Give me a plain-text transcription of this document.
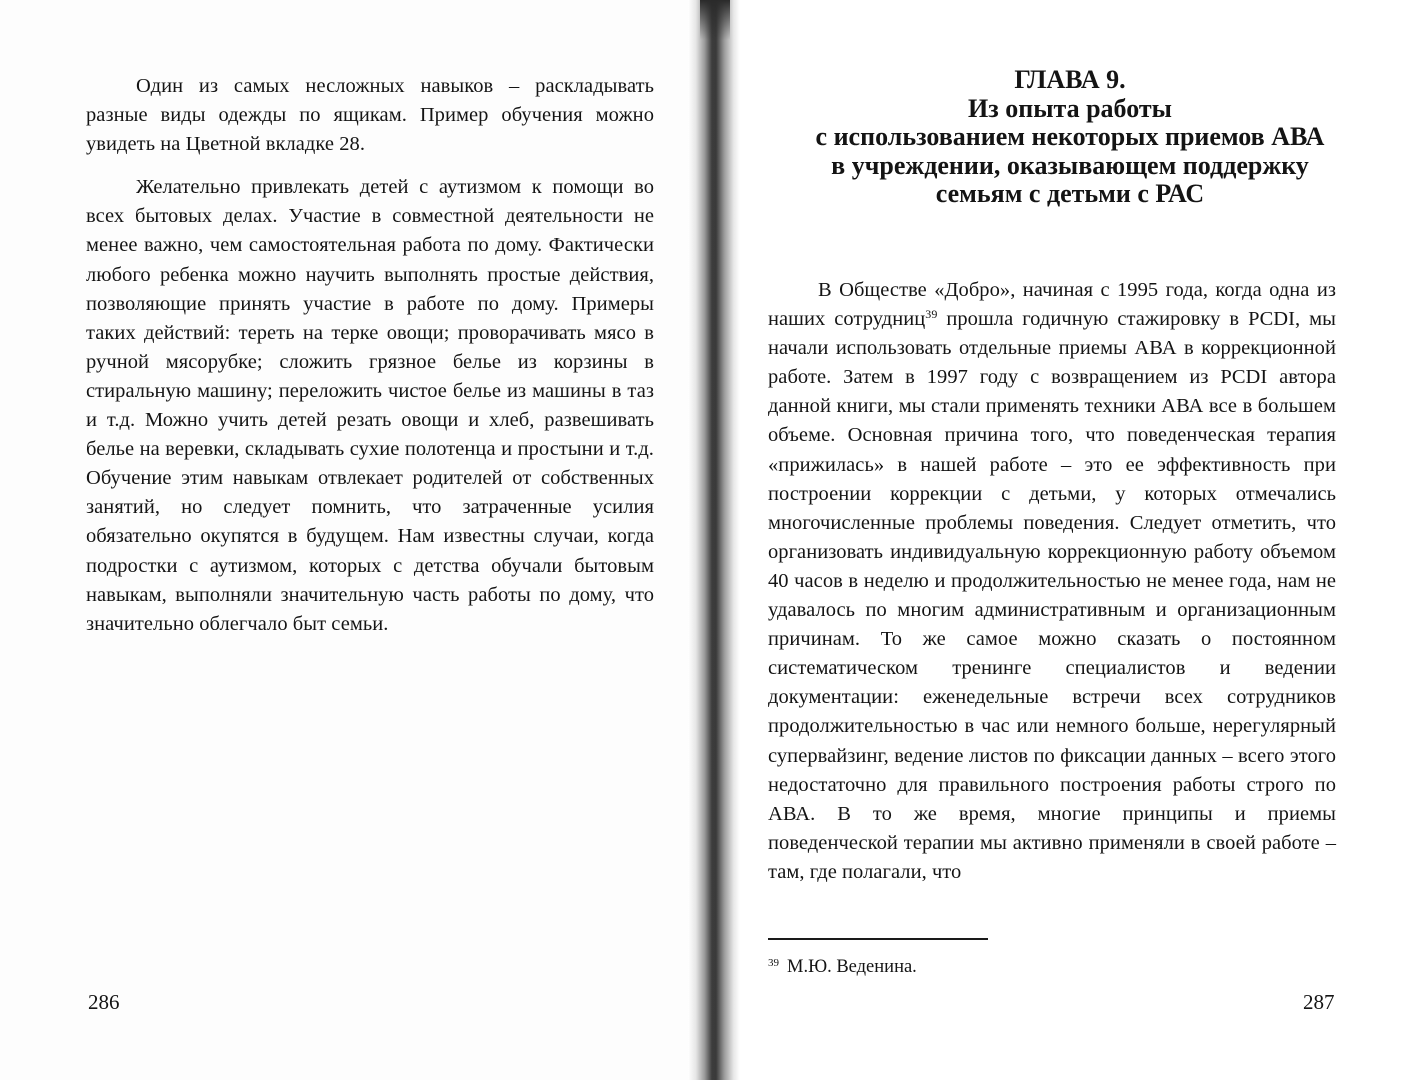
Один из самых несложных навыков – раскладывать разные виды одежды по ящикам. Пример обучения можно увидеть на Цветной вкладке 28.

Желательно привлекать детей с аутизмом к помощи во всех бытовых делах. Участие в совместной деятельности не менее важно, чем самостоятельная работа по дому. Фактически любого ребенка можно научить выполнять простые действия, позволяющие принять участие в работе по дому. Примеры таких действий: тереть на терке овощи; проворачивать мясо в ручной мясорубке; сложить грязное белье из корзины в стиральную машину; переложить чистое белье из машины в таз и т.д. Можно учить детей резать овощи и хлеб, развешивать белье на веревки, складывать сухие полотенца и простыни и т.д. Обучение этим навыкам отвлекает родителей от собственных занятий, но следует помнить, что затраченные усилия обязательно окупятся в будущем. Нам известны случаи, когда подростки с аутизмом, которых с детства обучали бытовым навыкам, выполняли значительную часть работы по дому, что значительно облегчало быт семьи.

286
ГЛАВА 9.
Из опыта работы
с использованием некоторых приемов АВА
в учреждении, оказывающем поддержку
семьям с детьми с РАС

В Обществе «Добро», начиная с 1995 года, когда одна из наших сотрудниц$^{39}$ прошла годичную стажировку в PCDI, мы начали использовать отдельные приемы АВА в коррекционной работе. Затем в 1997 году с возвращением из PCDI автора данной книги, мы стали применять техники АВА все в большем объеме. Основная причина того, что поведенческая терапия «прижилась» в нашей работе – это ее эффективность при построении коррекции с детьми, у которых отмечались многочисленные проблемы поведения. Следует отметить, что организовать индивидуальную коррекционную работу объемом 40 часов в неделю и продолжительностью не менее года, нам не удавалось по многим административным и организационным причинам. То же самое можно сказать о постоянном систематическом тренинге специалистов и ведении документации: еженедельные встречи всех сотрудников продолжительностью в час или немного больше, нерегулярный супервайзинг, ведение листов по фиксации данных – всего этого недостаточно для правильного построения работы строго по АВА. В то же время, многие принципы и приемы поведенческой терапии мы активно применяли в своей работе – там, где полагали, что

$^{39}$ М.Ю. Веденина.
287
